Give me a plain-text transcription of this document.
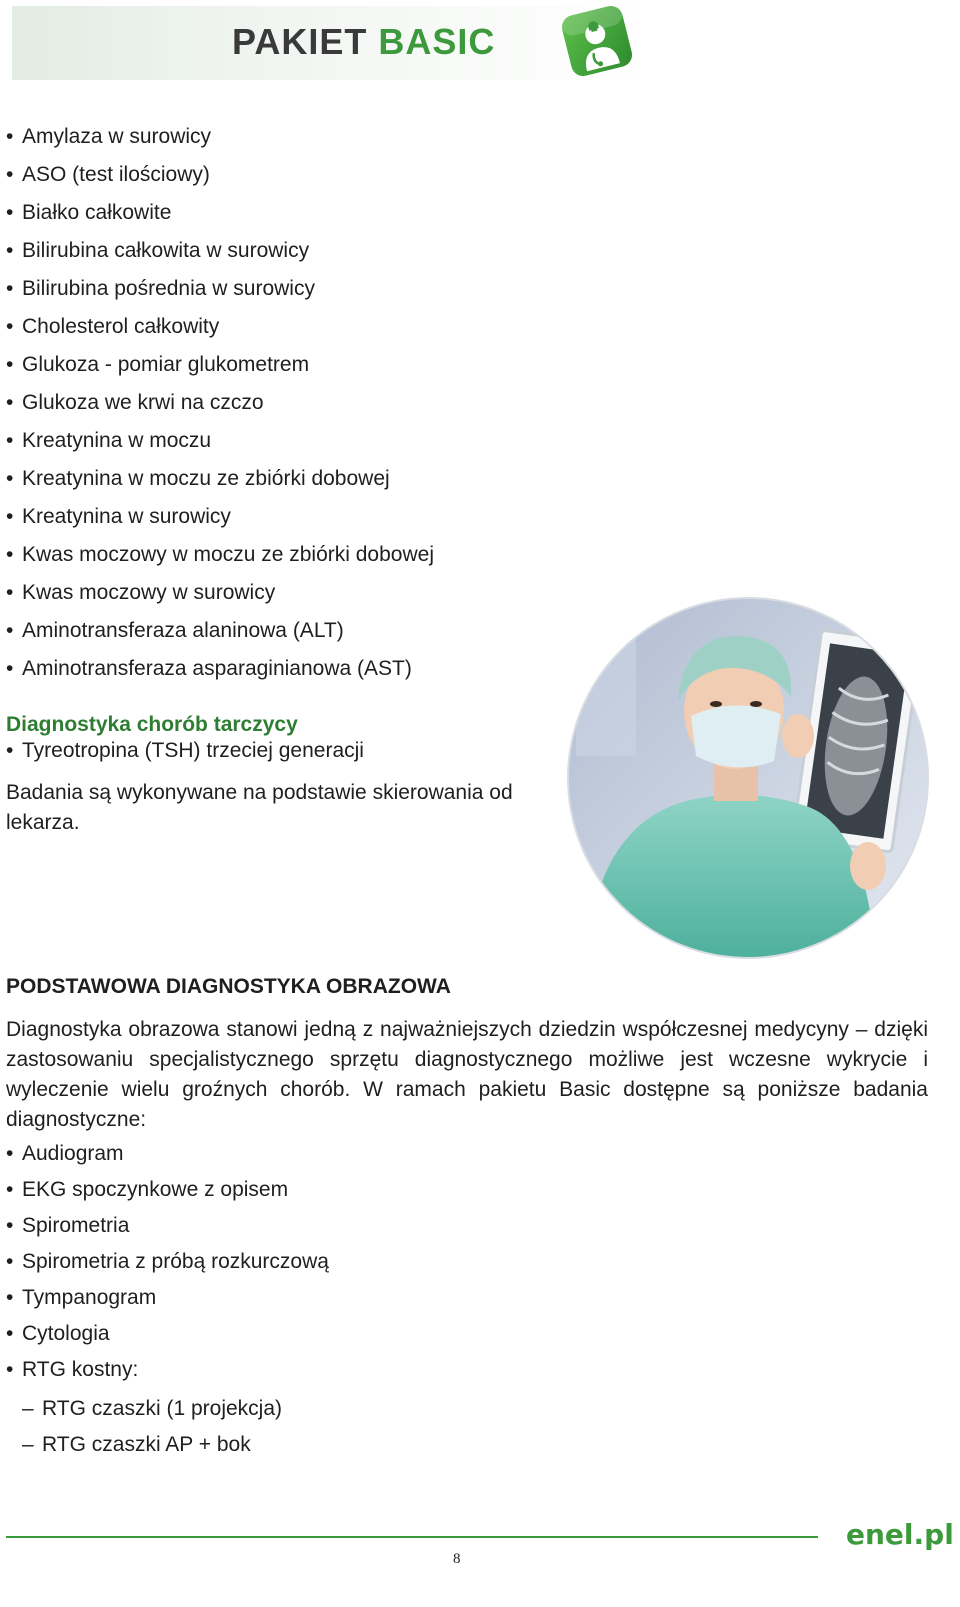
PAKIET BASIC
• Amylaza w surowicy
• ASO (test ilościowy)
• Białko całkowite
• Bilirubina całkowita w surowicy
• Bilirubina pośrednia w surowicy
• Cholesterol całkowity
• Glukoza - pomiar glukometrem
• Glukoza we krwi na czczo
• Kreatynina w moczu
• Kreatynina w moczu ze zbiórki dobowej
• Kreatynina w surowicy
• Kwas moczowy w moczu ze zbiórki dobowej
• Kwas moczowy w surowicy
• Aminotransferaza alaninowa (ALT)
• Aminotransferaza asparaginianowa (AST)
Diagnostyka chorób tarczycy
• Tyreotropina (TSH) trzeciej generacji
Badania są wykonywane na podstawie skierowania od lekarza.
PODSTAWOWA DIAGNOSTYKA OBRAZOWA
Diagnostyka obrazowa stanowi jedną z najważniejszych dziedzin współczesnej medycyny – dzięki zastosowaniu specjalistycznego sprzętu diagnostycznego możliwe jest wczesne wykrycie i wyleczenie wielu groźnych chorób. W ramach pakietu Basic dostępne są poniższe badania diagnostyczne:
• Audiogram
• EKG spoczynkowe z opisem
• Spirometria
• Spirometria z próbą rozkurczową
• Tympanogram
• Cytologia
• RTG kostny:
– RTG czaszki (1 projekcja)
– RTG czaszki AP + bok
enel.pl
8
